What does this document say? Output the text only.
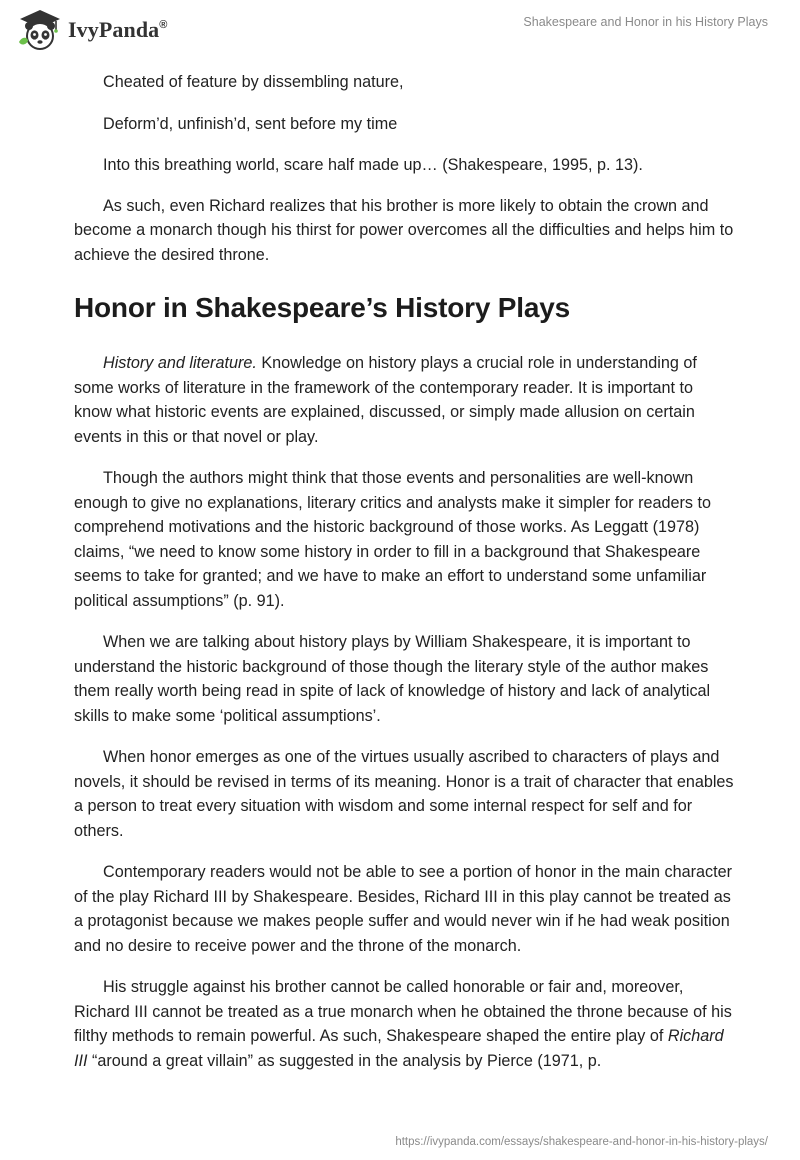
IvyPanda®	Shakespeare and Honor in his History Plays

Cheated of feature by dissembling nature,

Deform’d, unfinish’d, sent before my time

Into this breathing world, scare half made up… (Shakespeare, 1995, p. 13).

As such, even Richard realizes that his brother is more likely to obtain the crown and become a monarch though his thirst for power overcomes all the difficulties and helps him to achieve the desired throne.

Honor in Shakespeare’s History Plays

History and literature. Knowledge on history plays a crucial role in understanding of some works of literature in the framework of the contemporary reader. It is important to know what historic events are explained, discussed, or simply made allusion on certain events in this or that novel or play.

Though the authors might think that those events and personalities are well-known enough to give no explanations, literary critics and analysts make it simpler for readers to comprehend motivations and the historic background of those works. As Leggatt (1978) claims, “we need to know some history in order to fill in a background that Shakespeare seems to take for granted; and we have to make an effort to understand some unfamiliar political assumptions” (p. 91).

When we are talking about history plays by William Shakespeare, it is important to understand the historic background of those though the literary style of the author makes them really worth being read in spite of lack of knowledge of history and lack of analytical skills to make some ‘political assumptions’.

When honor emerges as one of the virtues usually ascribed to characters of plays and novels, it should be revised in terms of its meaning. Honor is a trait of character that enables a person to treat every situation with wisdom and some internal respect for self and for others.

Contemporary readers would not be able to see a portion of honor in the main character of the play Richard III by Shakespeare. Besides, Richard III in this play cannot be treated as a protagonist because we makes people suffer and would never win if he had weak position and no desire to receive power and the throne of the monarch.

His struggle against his brother cannot be called honorable or fair and, moreover, Richard III cannot be treated as a true monarch when he obtained the throne because of his filthy methods to remain powerful. As such, Shakespeare shaped the entire play of Richard III “around a great villain” as suggested in the analysis by Pierce (1971, p.

https://ivypanda.com/essays/shakespeare-and-honor-in-his-history-plays/
